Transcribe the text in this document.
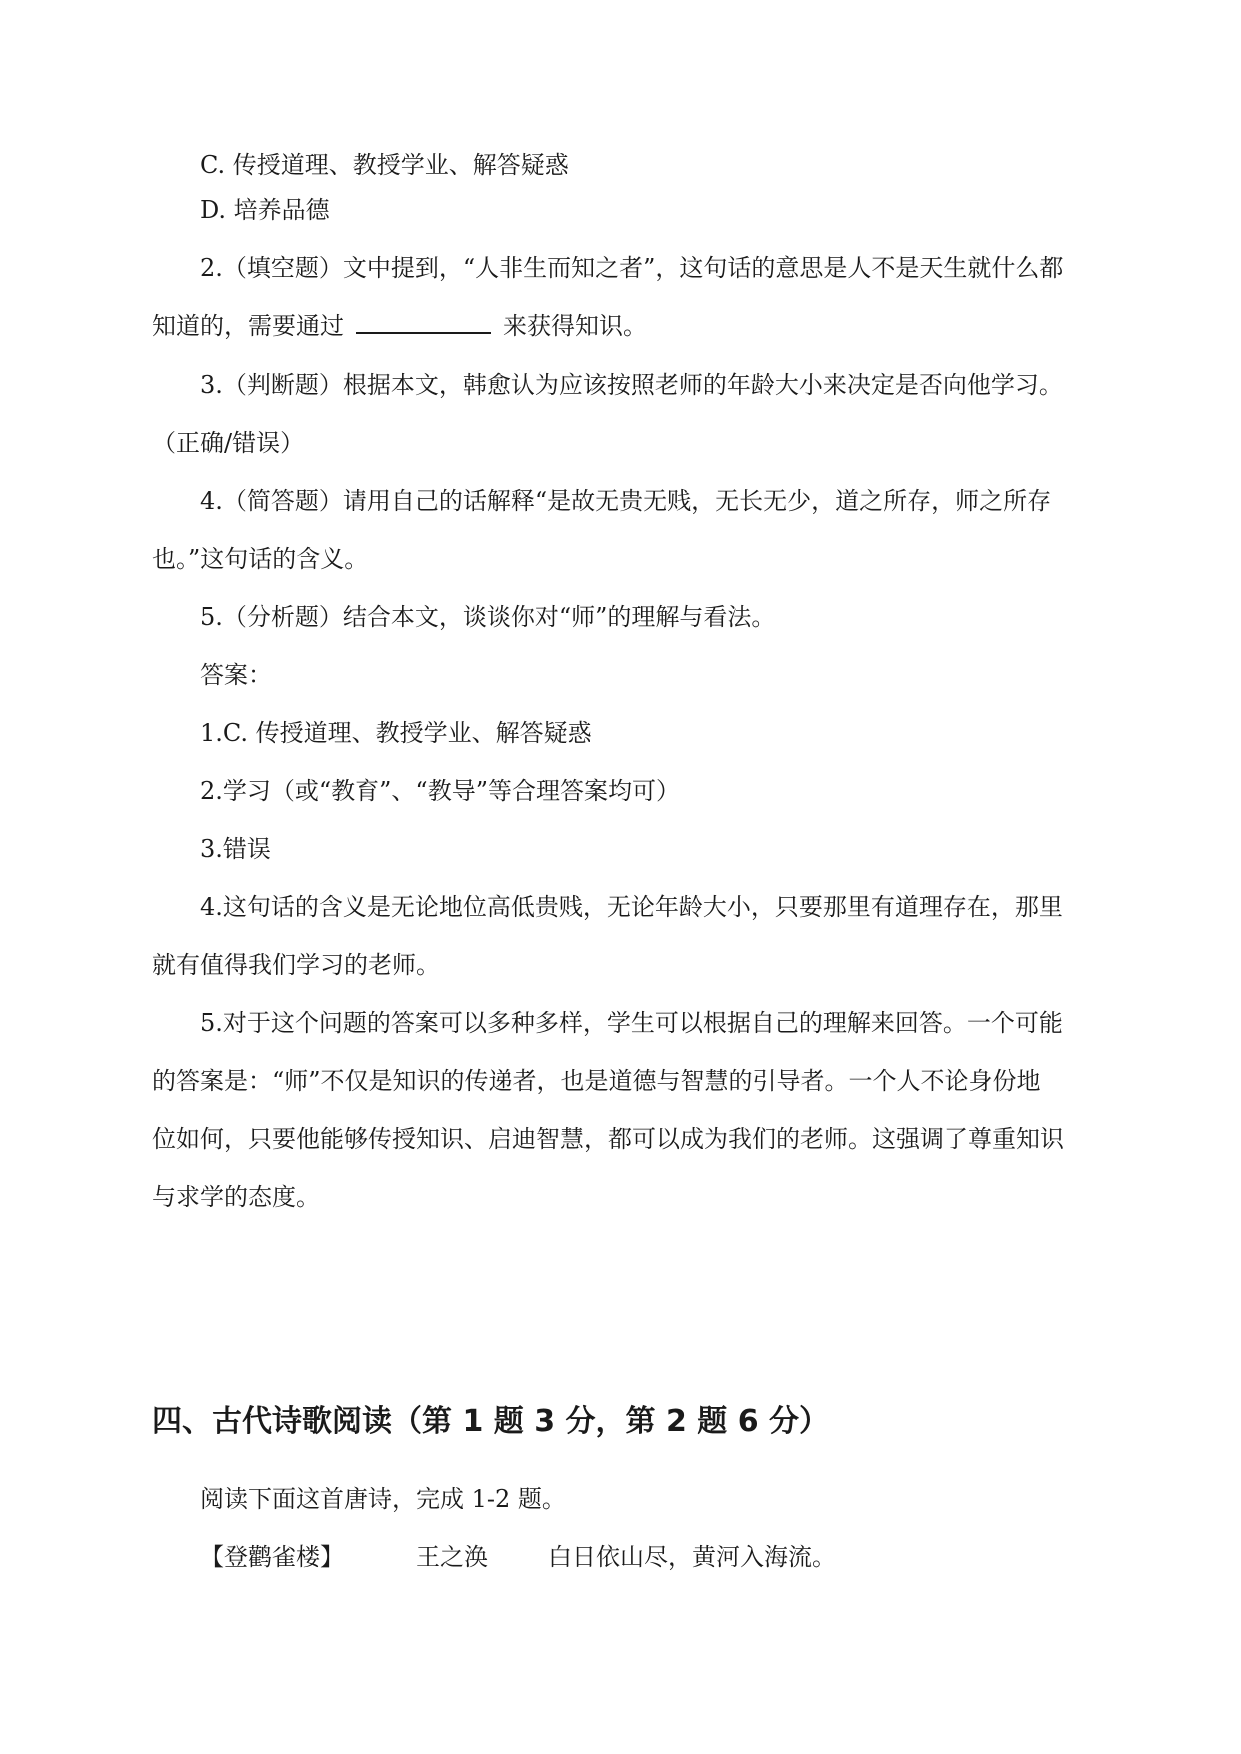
C. 传授道理、教授学业、解答疑惑
D. 培养品德
2.（填空题）文中提到，“人非生而知之者”，这句话的意思是人不是天生就什么都
知道的，需要通过	来获得知识。
3.（判断题）根据本文，韩愈认为应该按照老师的年龄大小来决定是否向他学习。
（正确/错误）
4.（简答题）请用自己的话解释“是故无贵无贱，无长无少，道之所存，师之所存
也。”这句话的含义。
5.（分析题）结合本文，谈谈你对“师”的理解与看法。
答案：
1.C. 传授道理、教授学业、解答疑惑
2.学习（或“教育”、“教导”等合理答案均可）
3.错误
4.这句话的含义是无论地位高低贵贱，无论年龄大小，只要那里有道理存在，那里
就有值得我们学习的老师。
5.对于这个问题的答案可以多种多样，学生可以根据自己的理解来回答。一个可能
的答案是：“师”不仅是知识的传递者，也是道德与智慧的引导者。一个人不论身份地
位如何，只要他能够传授知识、启迪智慧，都可以成为我们的老师。这强调了尊重知识
与求学的态度。
四、古代诗歌阅读（第 1 题 3 分，第 2 题 6 分）
阅读下面这首唐诗，完成 1-2 题。
【登鹳雀楼】	王之涣	白日依山尽，黄河入海流。
